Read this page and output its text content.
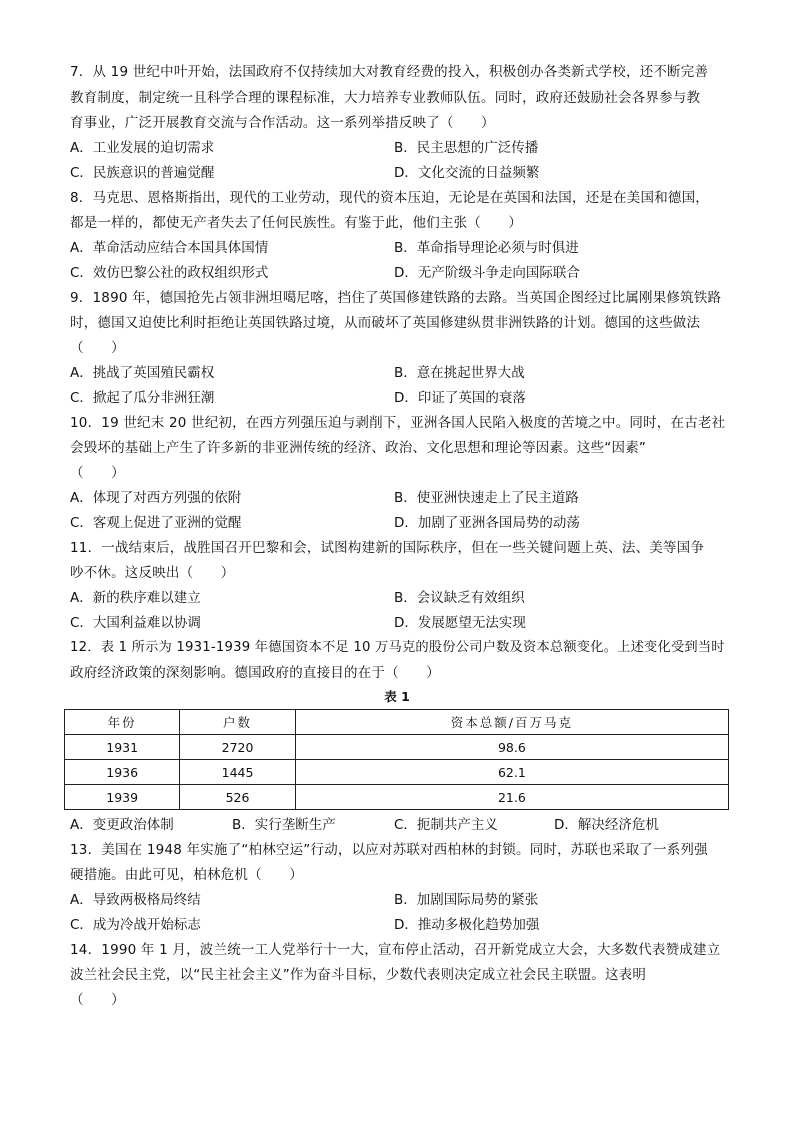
7．从 19 世纪中叶开始，法国政府不仅持续加大对教育经费的投入，积极创办各类新式学校，还不断完善
教育制度，制定统一且科学合理的课程标准，大力培养专业教师队伍。同时，政府还鼓励社会各界参与教
育事业，广泛开展教育交流与合作活动。这一系列举措反映了（　　）
A．工业发展的迫切需求	B．民主思想的广泛传播
C．民族意识的普遍觉醒	D．文化交流的日益频繁
8．马克思、恩格斯指出，现代的工业劳动，现代的资本压迫，无论是在英国和法国，还是在美国和德国，
都是一样的，都使无产者失去了任何民族性。有鉴于此，他们主张（　　）
A．革命活动应结合本国具体国情	B．革命指导理论必须与时俱进
C．效仿巴黎公社的政权组织形式	D．无产阶级斗争走向国际联合
9．1890 年，德国抢先占领非洲坦噶尼喀，挡住了英国修建铁路的去路。当英国企图经过比属刚果修筑铁路
时，德国又迫使比利时拒绝让英国铁路过境，从而破坏了英国修建纵贯非洲铁路的计划。德国的这些做法
（　　）
A．挑战了英国殖民霸权	B．意在挑起世界大战
C．掀起了瓜分非洲狂潮	D．印证了英国的衰落
10．19 世纪末 20 世纪初，在西方列强压迫与剥削下，亚洲各国人民陷入极度的苦境之中。同时，在古老社
会毁坏的基础上产生了许多新的非亚洲传统的经济、政治、文化思想和理论等因素。这些“因素”
（　　）
A．体现了对西方列强的依附	B．使亚洲快速走上了民主道路
C．客观上促进了亚洲的觉醒	D．加剧了亚洲各国局势的动荡
11．一战结束后，战胜国召开巴黎和会，试图构建新的国际秩序，但在一些关键问题上英、法、美等国争
吵不休。这反映出（　　）
A．新的秩序难以建立	B．会议缺乏有效组织
C．大国利益难以协调	D．发展愿望无法实现
12．表 1 所示为 1931-1939 年德国资本不足 10 万马克的股份公司户数及资本总额变化。上述变化受到当时
政府经济政策的深刻影响。德国政府的直接目的在于（　　）
表 1
年份	户数	资本总额/百万马克
1931	2720	98.6
1936	1445	62.1
1939	526	21.6
A．变更政治体制	B．实行垄断生产	C．扼制共产主义	D．解决经济危机
13．美国在 1948 年实施了“柏林空运”行动，以应对苏联对西柏林的封锁。同时，苏联也采取了一系列强
硬措施。由此可见，柏林危机（　　）
A．导致两极格局终结	B．加剧国际局势的紧张
C．成为冷战开始标志	D．推动多极化趋势加强
14．1990 年 1 月，波兰统一工人党举行十一大，宣布停止活动，召开新党成立大会，大多数代表赞成建立
波兰社会民主党，以“民主社会主义”作为奋斗目标，少数代表则决定成立社会民主联盟。这表明
（　　）
